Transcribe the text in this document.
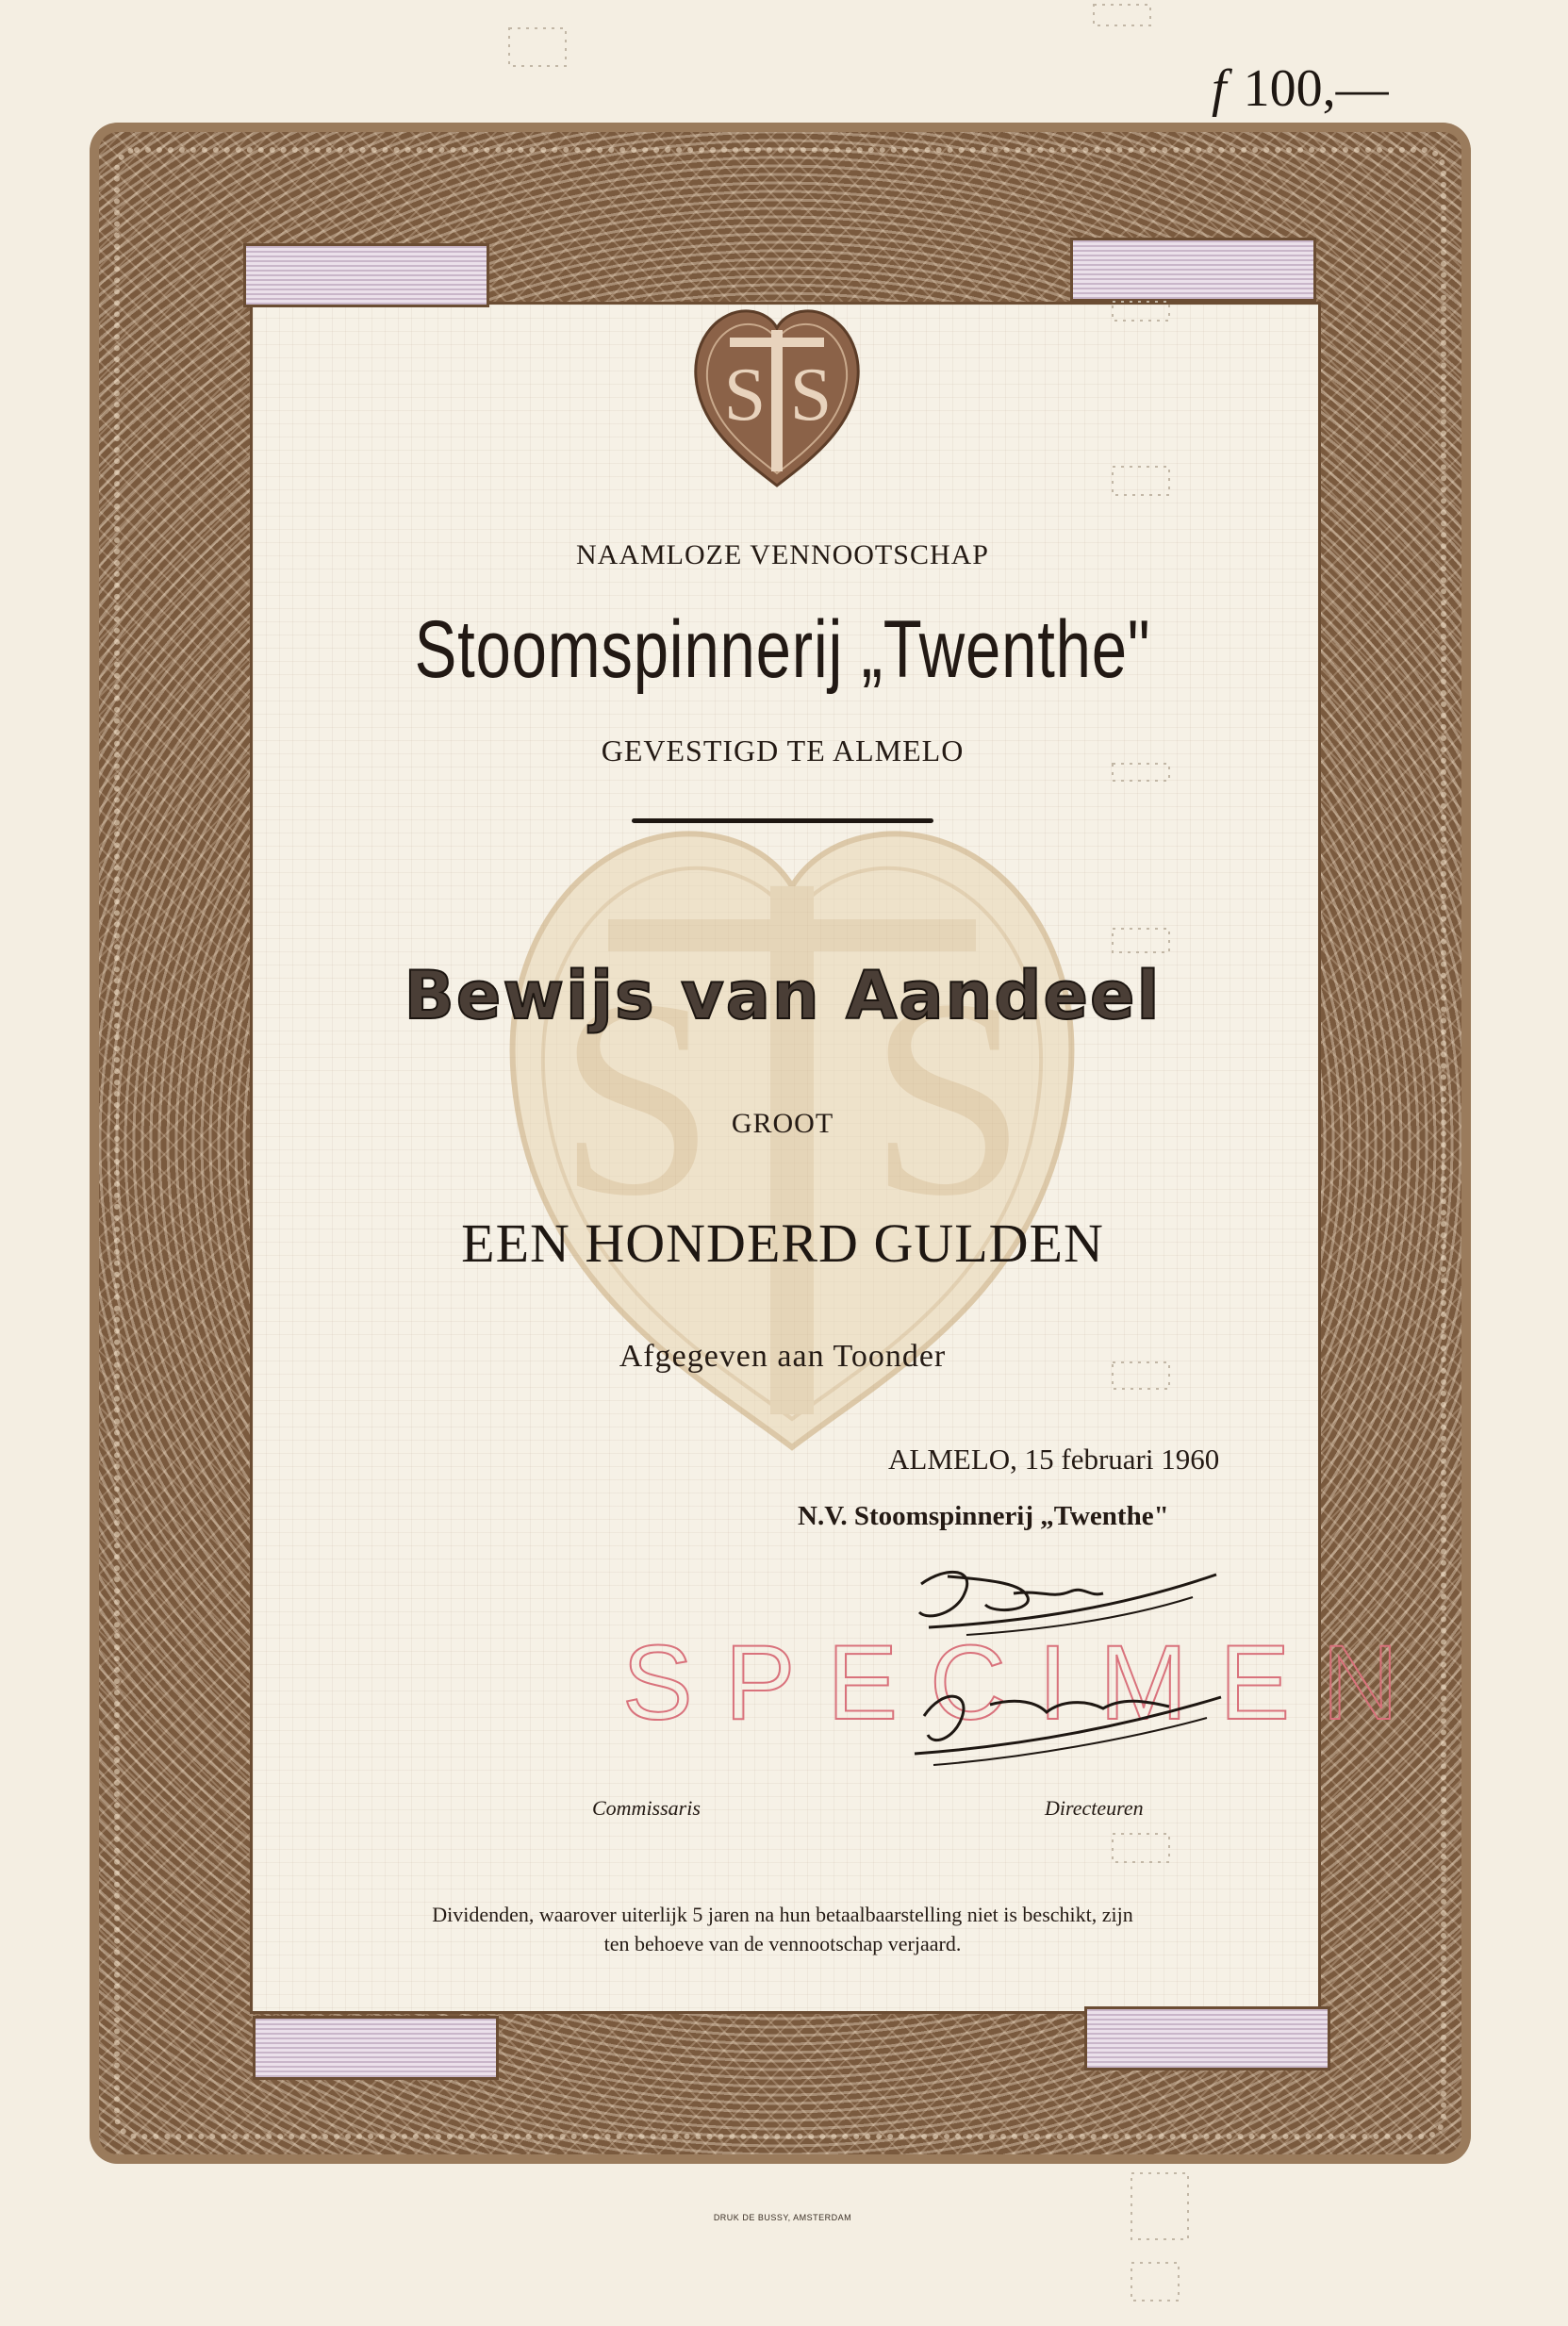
f 100,—
S S
S S
NAAMLOZE VENNOOTSCHAP
Stoomspinnerij „Twenthe"
GEVESTIGD TE ALMELO
Bewijs van Aandeel
GROOT
EEN HONDERD GULDEN
Afgegeven aan Toonder
ALMELO, 15 februari 1960
N.V. Stoomspinnerij „Twenthe"
SPECIMEN
Commissaris	Directeuren
Dividenden, waarover uiterlijk 5 jaren na hun betaalbaarstelling niet is beschikt, zijn
ten behoeve van de vennootschap verjaard.
DRUK DE BUSSY, AMSTERDAM
